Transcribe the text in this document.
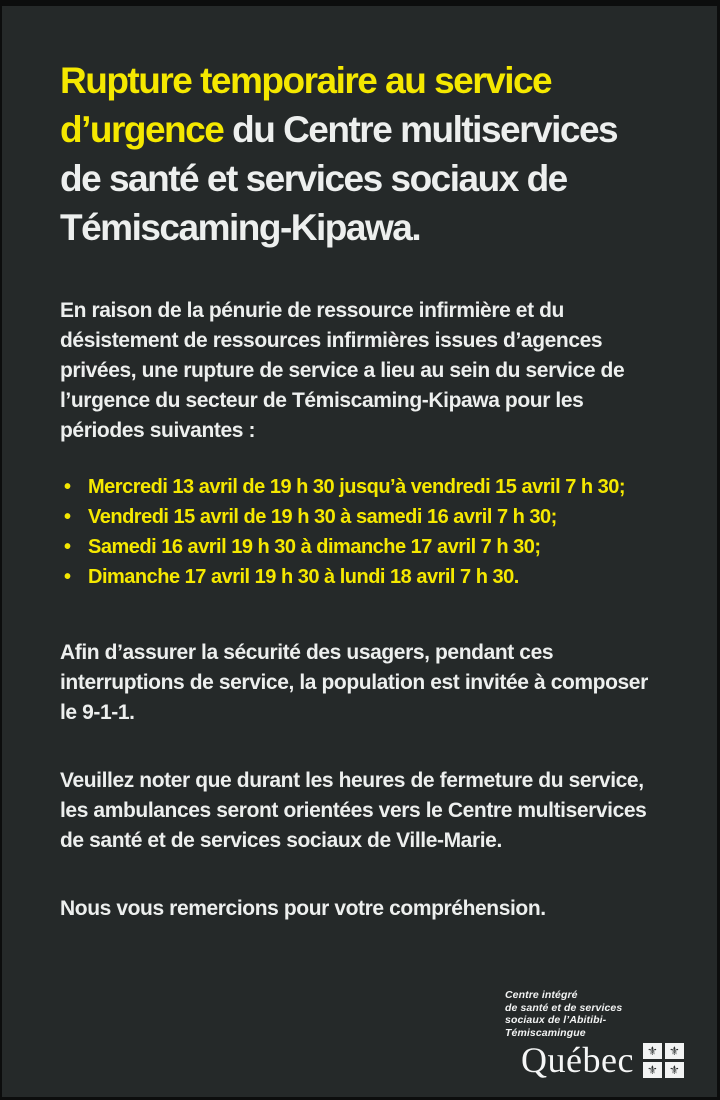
Rupture temporaire au service d’urgence du Centre multiservices de santé et services sociaux de Témiscaming-Kipawa.

En raison de la pénurie de ressource infirmière et du désistement de ressources infirmières issues d’agences privées, une rupture de service a lieu au sein du service de l’urgence du secteur de Témiscaming-Kipawa pour les périodes suivantes :

• Mercredi 13 avril de 19 h 30 jusqu’à vendredi 15 avril 7 h 30;
• Vendredi 15 avril de 19 h 30 à samedi 16 avril 7 h 30;
• Samedi 16 avril 19 h 30 à dimanche 17 avril 7 h 30;
• Dimanche 17 avril 19 h 30 à lundi 18 avril 7 h 30.

Afin d’assurer la sécurité des usagers, pendant ces interruptions de service, la population est invitée à composer le 9-1-1.

Veuillez noter que durant les heures de fermeture du service, les ambulances seront orientées vers le Centre multiservices de santé et de services sociaux de Ville-Marie.

Nous vous remercions pour votre compréhension.

Centre intégré
de santé et de services
sociaux de l’Abitibi-
Témiscamingue
Québec ⚜ ⚜
⚜ ⚜
